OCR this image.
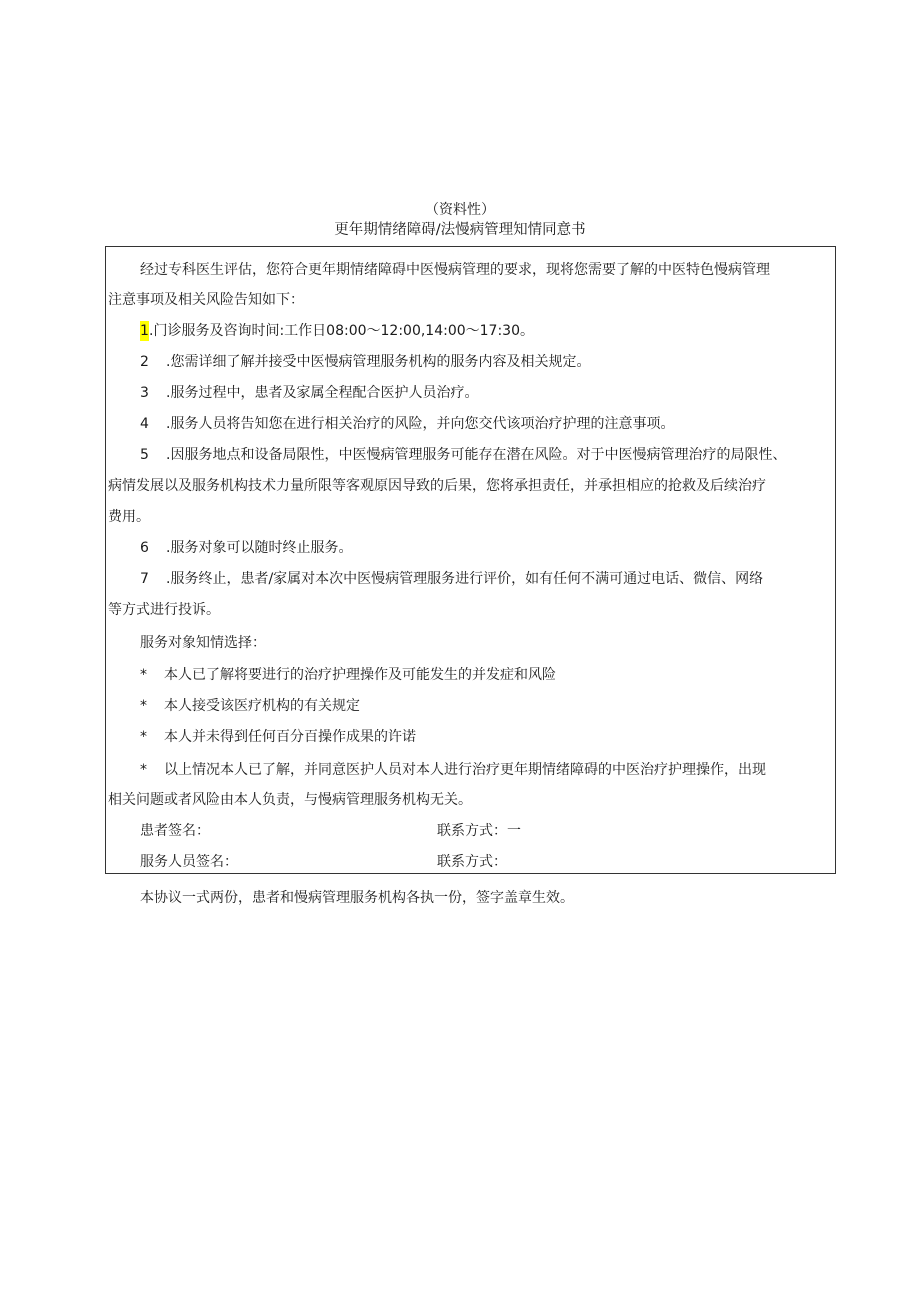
（资料性）
更年期情绪障碍/法慢病管理知情同意书
经过专科医生评估，您符合更年期情绪障碍中医慢病管理的要求，现将您需要了解的中医特色慢病管理
注意事项及相关风险告知如下：
1.门诊服务及咨询时间:工作日08:00〜12:00,14:00〜17:30。
2 .您需详细了解并接受中医慢病管理服务机构的服务内容及相关规定。
3 .服务过程中，患者及家属全程配合医护人员治疗。
4 .服务人员将告知您在进行相关治疗的风险，并向您交代该项治疗护理的注意事项。
5 .因服务地点和设备局限性，中医慢病管理服务可能存在潜在风险。对于中医慢病管理治疗的局限性、
病情发展以及服务机构技术力量所限等客观原因导致的后果，您将承担责任，并承担相应的抢救及后续治疗
费用。
6 .服务对象可以随时终止服务。
7 .服务终止，患者/家属对本次中医慢病管理服务进行评价，如有任何不满可通过电话、微信、网络
等方式进行投诉。
服务对象知情选择：
* 本人已了解将要进行的治疗护理操作及可能发生的并发症和风险
* 本人接受该医疗机构的有关规定
* 本人并未得到任何百分百操作成果的许诺
* 以上情况本人已了解，并同意医护人员对本人进行治疗更年期情绪障碍的中医治疗护理操作，出现
相关问题或者风险由本人负责，与慢病管理服务机构无关。
患者签名：	联系方式：一
服务人员签名：	联系方式：
本协议一式两份，患者和慢病管理服务机构各执一份，签字盖章生效。
